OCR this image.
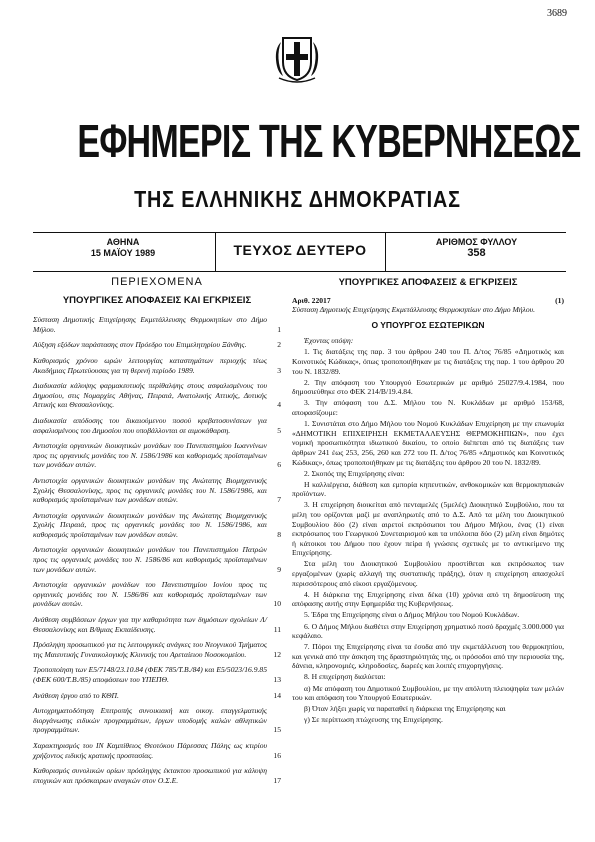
3689
ΕΦΗΜΕΡΙΣ ΤΗΣ ΚΥΒΕΡΝΗΣΕΩΣ
ΤΗΣ ΕΛΛΗΝΙΚΗΣ ΔΗΜΟΚΡΑΤΙΑΣ
ΑΘΗΝΑ
15 ΜΑΪΟΥ 1989	ΤΕΥΧΟΣ ΔΕΥΤΕΡΟ	ΑΡΙΘΜΟΣ ΦΥΛΛΟΥ
358
ΠΕΡΙΕΧΟΜΕΝΑ
ΥΠΟΥΡΓΙΚΕΣ ΑΠΟΦΑΣΕΙΣ ΚΑΙ ΕΓΚΡΙΣΕΙΣ
Σύσταση Δημοτικής Επιχείρησης Εκμετάλλευσης Θερμοκηπίων στο Δήμο Μήλου.	1
Αύξηση εξόδων παράστασης στον Πρόεδρο του Επιμελητηρίου Ξάνθης.	2
Καθορισμός χρόνου ωρών λειτουργίας καταστημάτων περιοχής τέως Ακαδήμιας Πρωτεύουσας για τη θερινή περίοδο 1989.	3
Διαδικασία κάλυψης φαρμακευτικής περίθαλψης στους ασφαλισμένους του Δημοσίου, στις Νομαρχίες Αθήνας, Πειραιά, Ανατολικής Αττικής, Δυτικής Αττικής και Θεσσαλονίκης.	4
Διαδικασία απόδοσης του δικαιούμενου ποσού κρεβατοσυνέσεων για ασφαλισμένους του Δημοσίου που υποβάλλονται σε αιμοκάθαρση.	5
Αντιστοιχία οργανικών διοικητικών μονάδων του Πανεπιστημίου Ιωαννίνων προς τις οργανικές μονάδες του Ν. 1586/1986 και καθορισμός προϊσταμένων των μονάδων αυτών.	6
Αντιστοιχία οργανικών διοικητικών μονάδων της Ανώτατης Βιομηχανικής Σχολής Θεσσαλονίκης, προς τις οργανικές μονάδες του Ν. 1586/1986, και καθορισμός προϊσταμένων των μονάδων αυτών.	7
Αντιστοιχία οργανικών διοικητικών μονάδων της Ανώτατης Βιομηχανικής Σχολής Πειραιά, προς τις οργανικές μονάδες του Ν. 1586/1986, και καθορισμός προϊσταμένων των μονάδων αυτών.	8
Αντιστοιχία οργανικών διοικητικών μονάδων του Πανεπιστημίου Πατρών προς τις οργανικές μονάδες του Ν. 1586/86 και καθορισμός προϊσταμένων των μονάδων αυτών.	9
Αντιστοιχία οργανικών μονάδων του Πανεπιστημίου Ιονίου προς τις οργανικές μονάδες του Ν. 1586/86 και καθορισμός προϊσταμένων των μονάδων αυτών.	10
Ανάθεση συμβάσεων έργων για την καθαριότητα των δημόσιων σχολείων Λ/Θεσσαλονίκης και Β/θμιας Εκπαίδευσης.	11
Πρόσληψη προσωπικού για τις λειτουργικές ανάγκες του Νεογνικού Τμήματος της Μαιευτικής Γυναικολογικής Κλινικής του Αρεταίειου Νοσοκομείου.	12
Τροποποίηση των Ε5/7148/23.10.84 (ΦΕΚ 785/Τ.Β./84) και Ε5/5023/16.9.85 (ΦΕΚ 600/Τ.Β./85) αποφάσεων του ΥΠΕΠΘ.	13
Ανάθεση έργου από το ΚΘΠ.	14
Αυτοχρηματοδότηση Επιτροπής συνοικιακή και οικογ. επαγγελματικής διοργάνωσης ειδικών προγραμμάτων, έργων υποδομής καλών αθλητικών προγραμμάτων.	15
Χαρακτηρισμός του ΙΝ Καμπίθειος Θεοτόκου Πάρεσσας Πάλης ως κτιρίου χρήζοντος ειδικής κρατικής προστασίας.	16
Καθορισμός συνολικών ορίων πρόσληψης έκτακτου προσωπικού για κάλυψη εποχικών και πρόσκαιρων αναγκών στον Ο.Σ.Ε.	17
ΥΠΟΥΡΓΙΚΕΣ ΑΠΟΦΑΣΕΙΣ & ΕΓΚΡΙΣΕΙΣ
Αριθ. 22017	(1)
Σύσταση Δημοτικής Επιχείρησης Εκμετάλλευσης Θερμοκηπίων στο Δήμο Μήλου.
Ο ΥΠΟΥΡΓΟΣ ΕΣΩΤΕΡΙΚΩΝ
Έχοντας υπόψη:
1. Τις διατάξεις της παρ. 3 του άρθρου 240 του Π. Δ/τος 76/85 «Δημοτικός και Κοινοτικός Κώδικας», όπως τροποποιήθηκαν με τις διατάξεις της παρ. 1 του άρθρου 20 του Ν. 1832/89.
2. Την απόφαση του Υπουργού Εσωτερικών με αριθμό 25027/9.4.1984, που δημοσιεύθηκε στο ΦΕΚ 214/Β/19.4.84.
3. Την απόφαση του Δ.Σ. Μήλου του Ν. Κυκλάδων με αριθμό 153/68, αποφασίζουμε:
1. Συνιστάται στο Δήμο Μήλου του Νομού Κυκλάδων Επιχείρηση με την επωνυμία «ΔΗΜΟΤΙΚΗ ΕΠΙΧΕΙΡΗΣΗ ΕΚΜΕΤΑΛΛΕΥΣΗΣ ΘΕΡΜΟΚΗΠΙΩΝ», που έχει νομική προσωπικότητα ιδιωτικού δικαίου, το οποίο διέπεται από τις διατάξεις των άρθρων 241 έως 253, 256, 260 και 272 του Π. Δ/τος 76/85 «Δημοτικός και Κοινοτικός Κώδικας», όπως τροποποιήθηκαν με τις διατάξεις του άρθρου 20 του Ν. 1832/89.
2. Σκοπός της Επιχείρησης είναι:
Η καλλιέργεια, διάθεση και εμπορία κηπευτικών, ανθοκομικών και θερμοκηπιακών προϊόντων.
3. Η επιχείρηση διοικείται από πενταμελές (5μελές) Διοικητικό Συμβούλιο, που τα μέλη του ορίζονται μαζί με αναπληρωτές από το Δ.Σ. Από τα μέλη του Διοικητικού Συμβουλίου δύο (2) είναι αιρετοί εκπρόσωποι του Δήμου Μήλου, ένας (1) είναι εκπρόσωπος του Γεωργικού Συνεταιρισμού και τα υπόλοιπα δύο (2) μέλη είναι δημότες ή κάτοικοι του Δήμου που έχουν πείρα ή γνώσεις σχετικές με το αντικείμενο της Επιχείρησης.
Στα μέλη του Διοικητικού Συμβουλίου προστίθεται και εκπρόσωπος των εργαζομένων (χωρίς αλλαγή της συστατικής πράξης), όταν η επιχείρηση απασχολεί περισσότερους από είκοσι εργαζόμενους.
4. Η διάρκεια της Επιχείρησης είναι δέκα (10) χρόνια από τη δημοσίευση της απόφασης αυτής στην Εφημερίδα της Κυβερνήσεως.
5. Έδρα της Επιχείρησης είναι ο Δήμος Μήλου του Νομού Κυκλάδων.
6. Ο Δήμος Μήλου διαθέτει στην Επιχείρηση χρηματικό ποσό δραχμές 3.000.000 για κεφάλαιο.
7. Πόροι της Επιχείρησης είναι τα έσοδα από την εκμετάλλευση του θερμοκηπίου, και γενικά από την άσκηση της δραστηριότητάς της, οι πρόσοδοι από την περιουσία της, δάνεια, κληρονομιές, κληροδοσίες, δωρεές και λοιπές επιχορηγήσεις.
8. Η επιχείρηση διαλύεται:
α) Με απόφαση του Δημοτικού Συμβουλίου, με την απόλυτη πλειοψηφία των μελών του και απόφαση του Υπουργού Εσωτερικών.
β) Όταν λήξει χωρίς να παραταθεί η διάρκεια της Επιχείρησης και
γ) Σε περίπτωση πτώχευσης της Επιχείρησης.
